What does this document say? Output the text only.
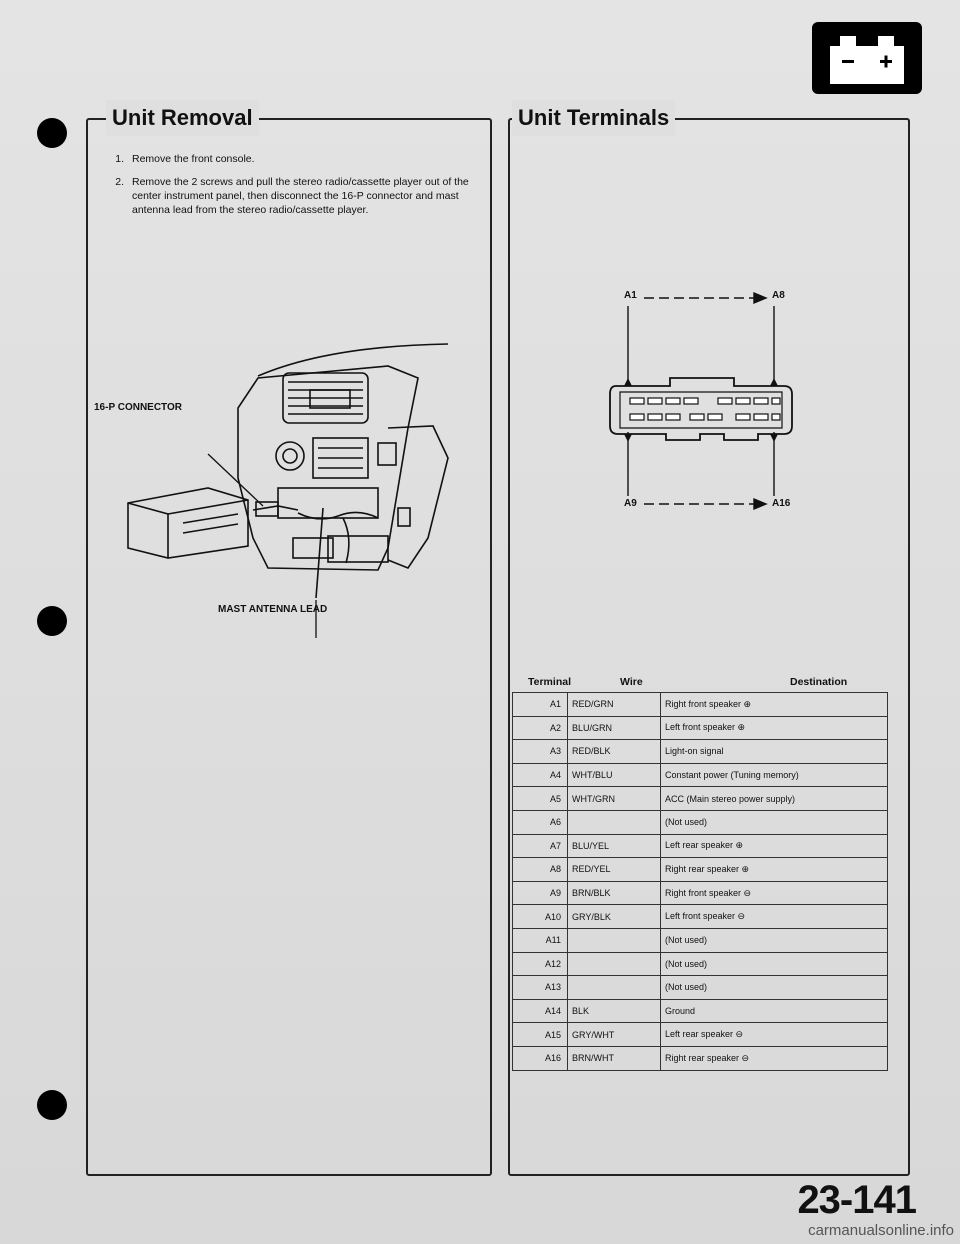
Unit Removal
1. Remove the front console.
2. Remove the 2 screws and pull the stereo radio/cassette player out of the center instrument panel, then disconnect the 16-P connector and mast antenna lead from the stereo radio/cassette player.
16-P CONNECTOR
MAST ANTENNA LEAD
Unit Terminals
A1	A8
A9	A16
Terminal	Wire	Destination
A1	RED/GRN	Right front speaker ⊕
A2	BLU/GRN	Left front speaker ⊕
A3	RED/BLK	Light-on signal
A4	WHT/BLU	Constant power (Tuning memory)
A5	WHT/GRN	ACC (Main stereo power supply)
A6		(Not used)
A7	BLU/YEL	Left rear speaker ⊕
A8	RED/YEL	Right rear speaker ⊕
A9	BRN/BLK	Right front speaker ⊖
A10	GRY/BLK	Left front speaker ⊖
A11		(Not used)
A12		(Not used)
A13		(Not used)
A14	BLK	Ground
A15	GRY/WHT	Left rear speaker ⊖
A16	BRN/WHT	Right rear speaker ⊖
23-141
carmanualsonline.info
